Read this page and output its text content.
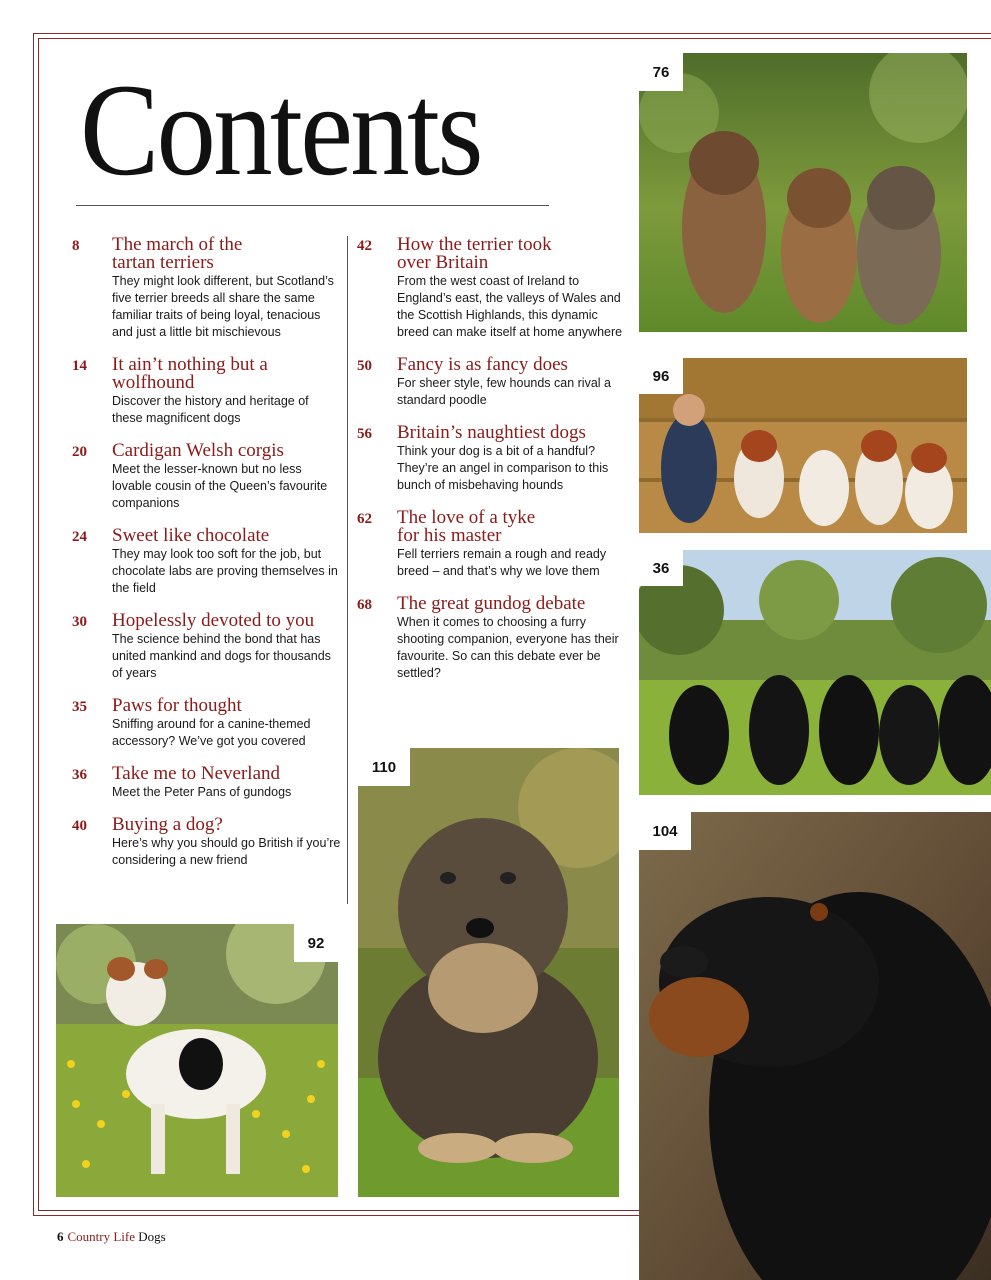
Contents
8 The march of the tartan terriers

They might look different, but Scotland’s five terrier breeds all share the same familiar traits of being loyal, tenacious and just a little bit mischievous

14 It ain’t nothing but a wolfhound

Discover the history and heritage of these magnificent dogs

20 Cardigan Welsh corgis

Meet the lesser-known but no less lovable cousin of the Queen’s favourite companions

24 Sweet like chocolate

They may look too soft for the job, but chocolate labs are proving themselves in the field

30 Hopelessly devoted to you

The science behind the bond that has united mankind and dogs for thousands of years

35 Paws for thought

Sniffing around for a canine-themed accessory? We’ve got you covered

36 Take me to Neverland

Meet the Peter Pans of gundogs

40 Buying a dog?

Here’s why you should go British if you’re considering a new friend

42 How the terrier took over Britain

From the west coast of Ireland to England’s east, the valleys of Wales and the Scottish Highlands, this dynamic breed can make itself at home anywhere

50 Fancy is as fancy does

For sheer style, few hounds can rival a standard poodle

56 Britain’s naughtiest dogs

Think your dog is a bit of a handful? They’re an angel in comparison to this bunch of misbehaving hounds

62 The love of a tyke for his master

Fell terriers remain a rough and ready breed – and that’s why we love them

68 The great gundog debate

When it comes to choosing a furry shooting companion, everyone has their favourite. So can this debate ever be settled?

76
96
36
104
110
92
6 Country Life Dogs
